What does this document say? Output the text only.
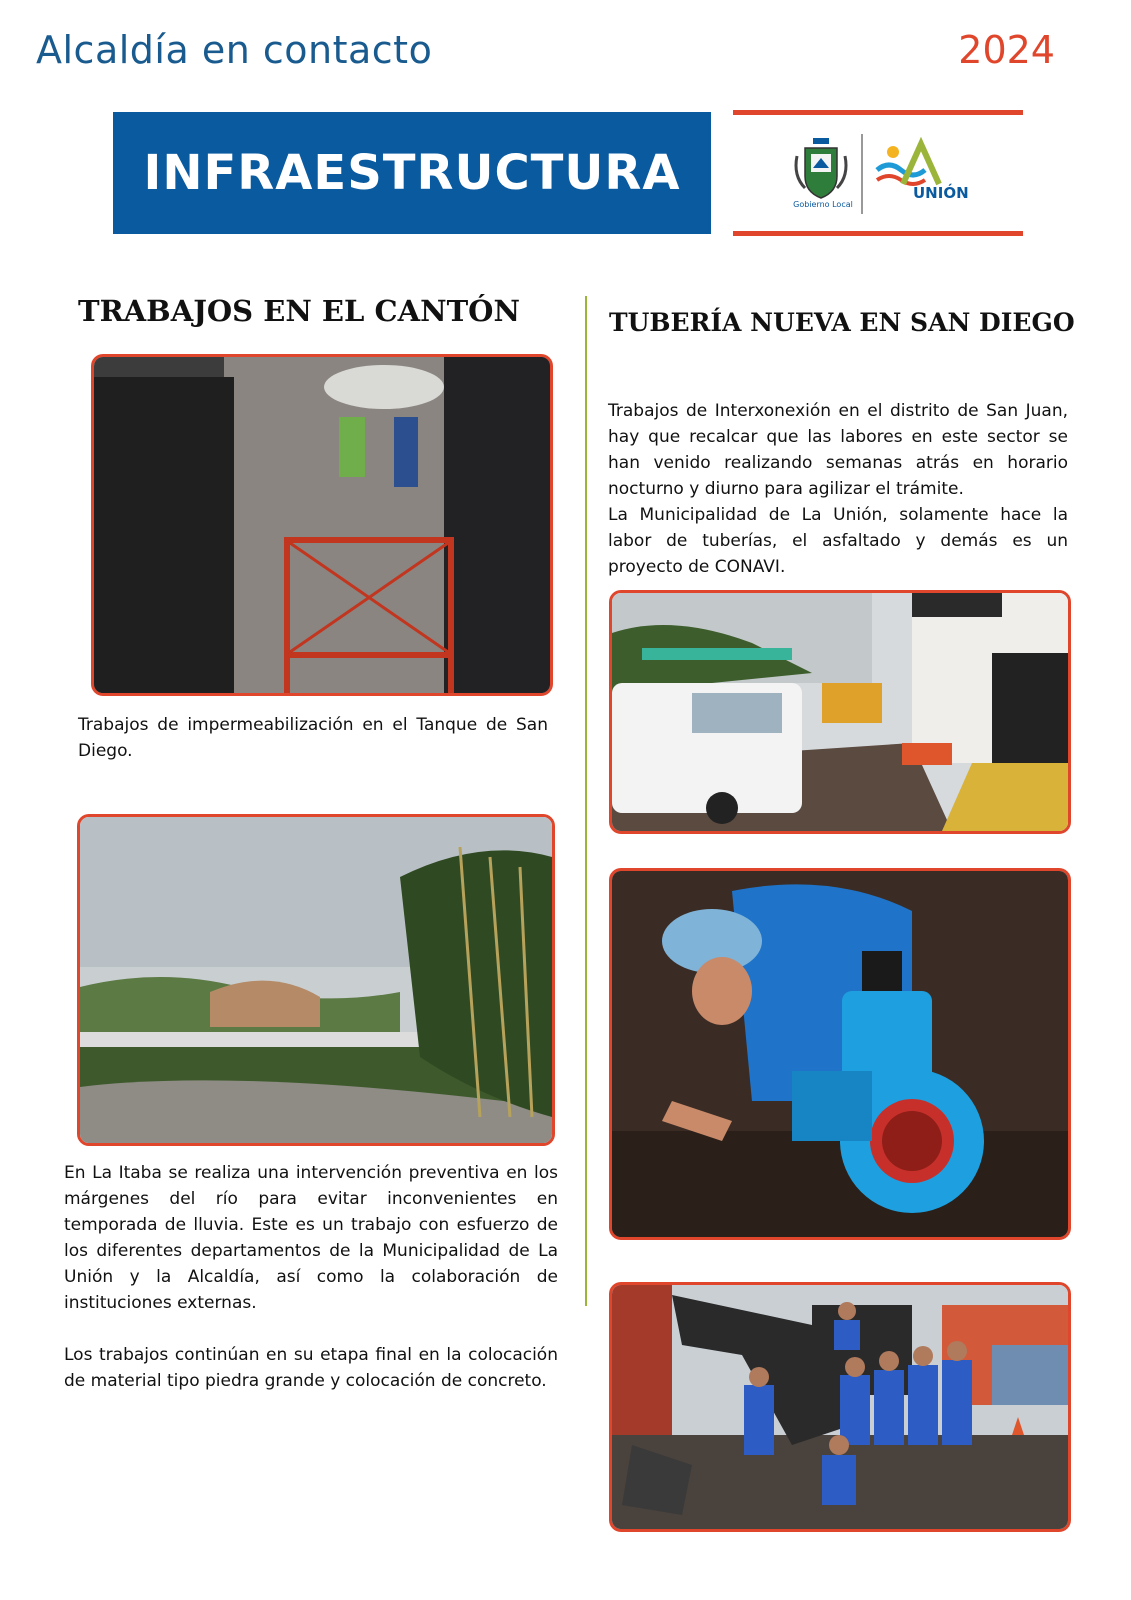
Alcaldía en contacto	2024
INFRAESTRUCTURA
Gobierno Local
UNIÓN
TRABAJOS EN EL CANTÓN

Trabajos de impermeabilización en el Tanque de San Diego.

En La Itaba se realiza una intervención preventiva en los márgenes del río para evitar inconvenientes en temporada de lluvia. Este es un trabajo con esfuerzo de los diferentes departamentos de la Municipalidad de La Unión y la Alcaldía, así como la colaboración de instituciones externas.

Los trabajos continúan en su etapa final en la colocación de material tipo piedra grande y colocación de concreto.

TUBERÍA NUEVA EN SAN DIEGO

Trabajos de Interxonexión en el distrito de San Juan, hay que recalcar que las labores en este sector se han venido realizando semanas atrás en horario nocturno y diurno para agilizar el trámite.

La Municipalidad de La Unión, solamente hace la labor de tuberías, el asfaltado y demás es un proyecto de CONAVI.
